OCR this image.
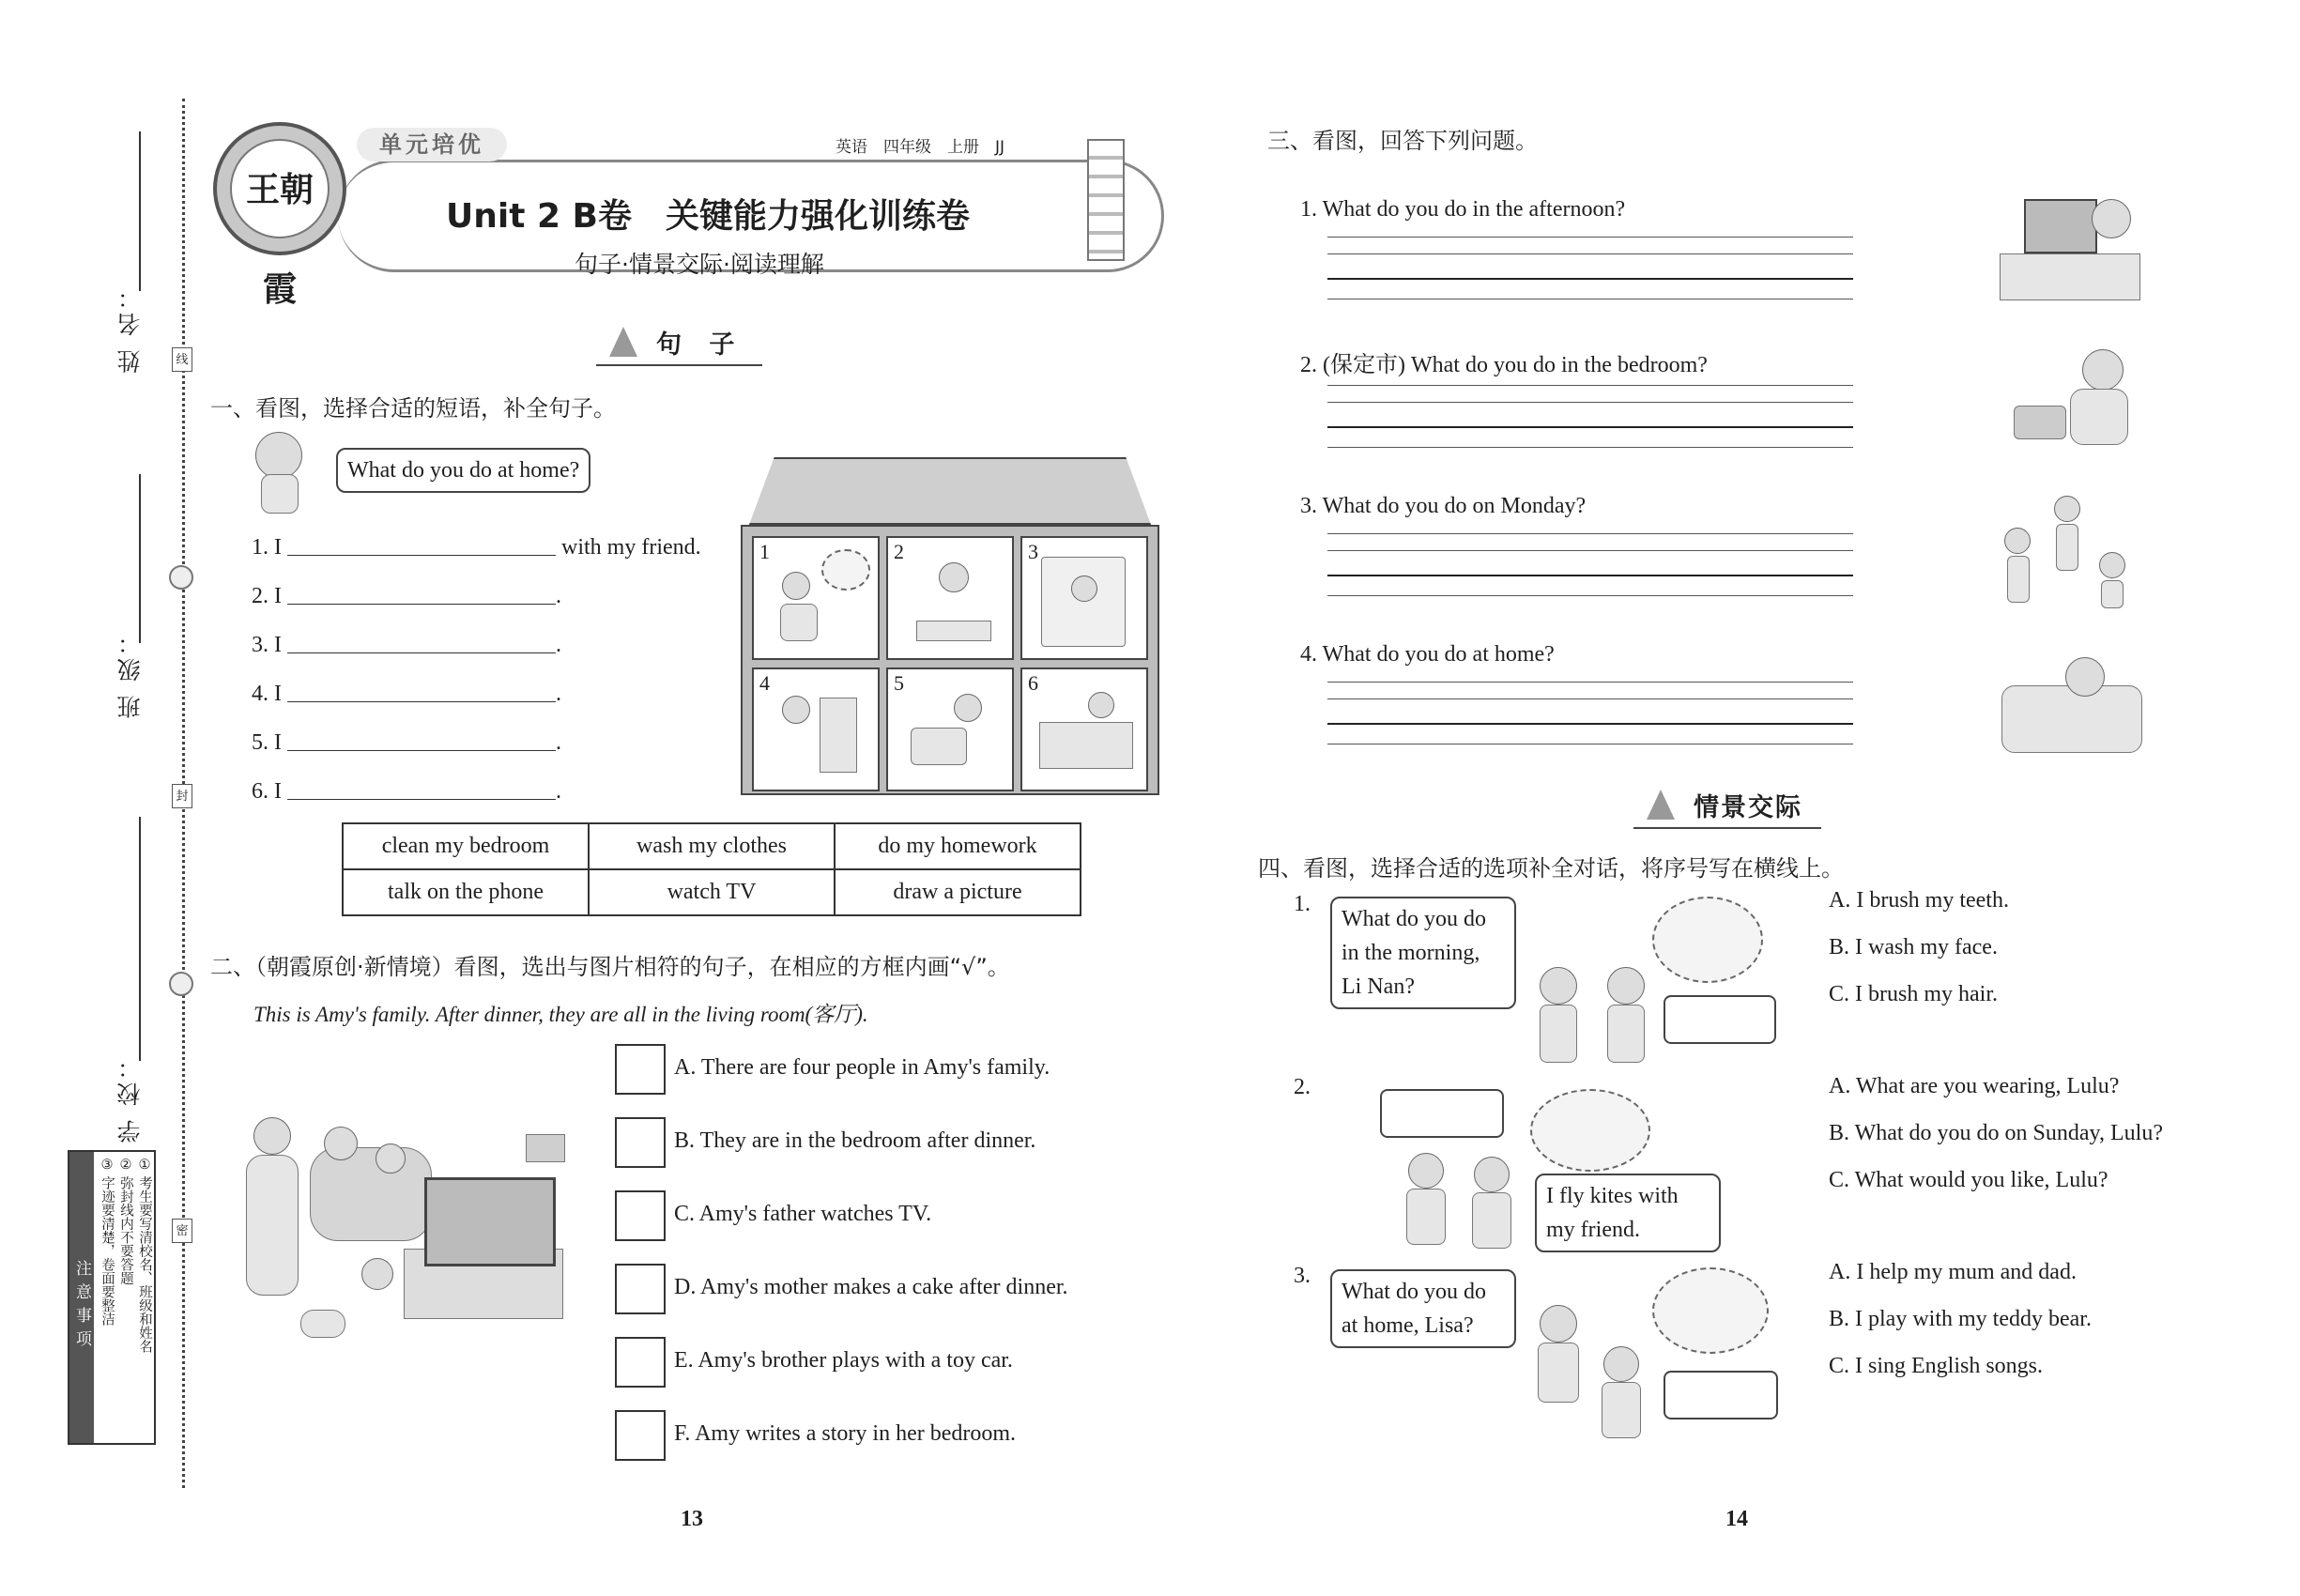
姓 名：
班 级：
学 校：
线
封
密
注意事项	① 考生要写清校名、班级和姓名
② 弥封线内不要答题
③ 字迹要清楚，卷面要整洁
王朝霞
单元培优	英语　四年级　上册　JJ
Unit 2 B卷　关键能力强化训练卷
句子·情景交际·阅读理解
句 子
一、看图，选择合适的短语，补全句子。
What do you do at home?
1. I	with my friend.
2. I	.
3. I	.
4. I	.
5. I	.
6. I	.
1	2	3
4	5	6
clean my bedroom	wash my clothes	do my homework
talk on the phone	watch TV	draw a picture
二、（朝霞原创·新情境）看图，选出与图片相符的句子，在相应的方框内画“√”。
This is Amy's family. After dinner, they are all in the living room(客厅).
A. There are four people in Amy's family.
B. They are in the bedroom after dinner.
C. Amy's father watches TV.
D. Amy's mother makes a cake after dinner.
E. Amy's brother plays with a toy car.
F. Amy writes a story in her bedroom.
13
三、看图，回答下列问题。
1. What do you do in the afternoon?
2. (保定市) What do you do in the bedroom?
3. What do you do on Monday?
4. What do you do at home?
情景交际
四、看图，选择合适的选项补全对话，将序号写在横线上。
1.
What do you do
in the morning,
Li Nan?
A. I brush my teeth.
B. I wash my face.
C. I brush my hair.
2.
I fly kites with
my friend.
A. What are you wearing, Lulu?
B. What do you do on Sunday, Lulu?
C. What would you like, Lulu?
3.
What do you do
at home, Lisa?
A. I help my mum and dad.
B. I play with my teddy bear.
C. I sing English songs.
14
